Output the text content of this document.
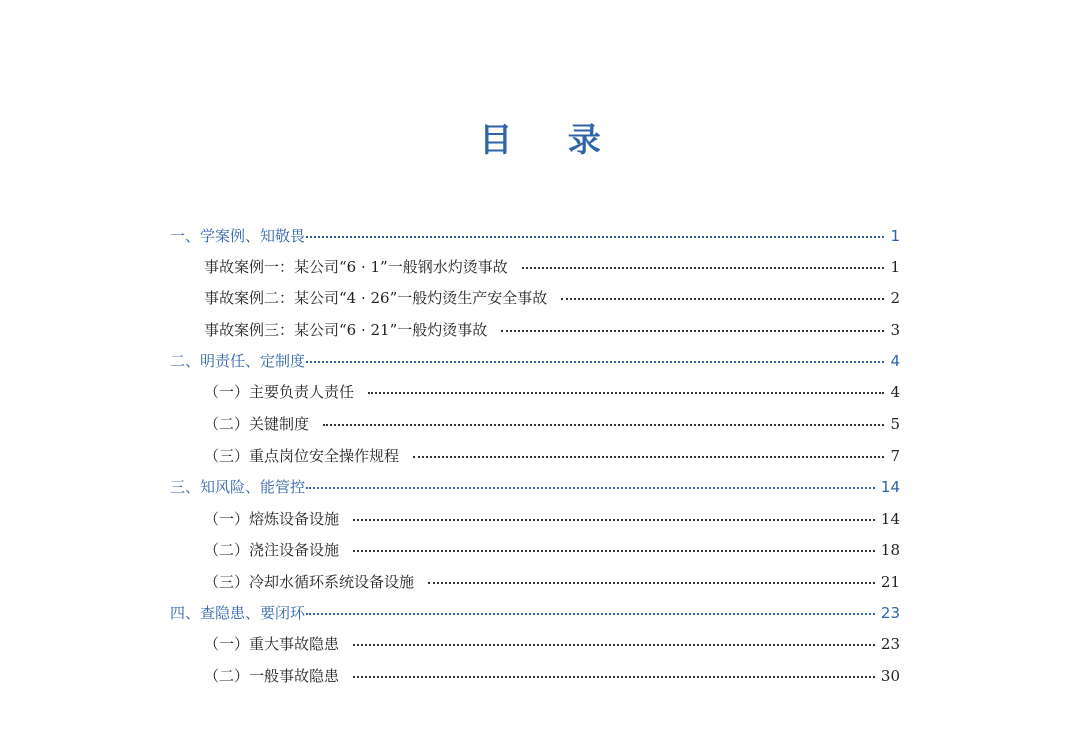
目 录
一、学案例、知敬畏	1
事故案例一：某公司“6 · 1”一般钢水灼烫事故	1
事故案例二：某公司“4 · 26”一般灼烫生产安全事故	2
事故案例三：某公司“6 · 21”一般灼烫事故	3
二、明责任、定制度	4
（一）主要负责人责任	4
（二）关键制度	5
（三）重点岗位安全操作规程	7
三、知风险、能管控	14
（一）熔炼设备设施	14
（二）浇注设备设施	18
（三）冷却水循环系统设备设施	21
四、查隐患、要闭环	23
（一）重大事故隐患	23
（二）一般事故隐患	30
